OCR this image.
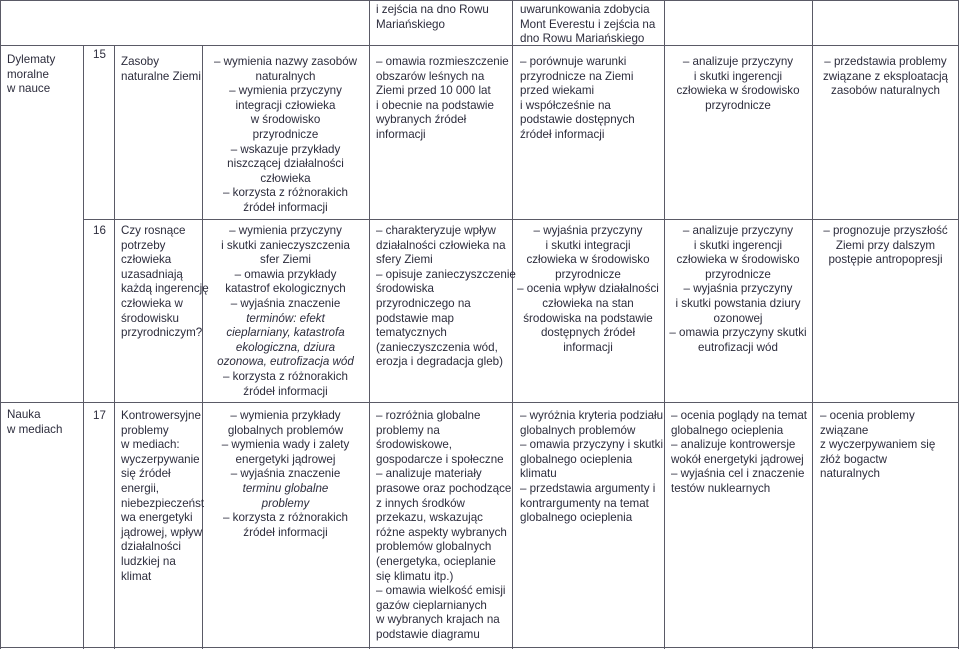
i zejścia na dno Rowu
Mariańskiego
uwarunkowania zdobycia
Mont Everestu i zejścia na
dno Rowu Mariańskiego
Dylematy
moralne
w nauce
Nauka
w mediach
15
Zasoby
naturalne Ziemi
– wymienia nazwy zasobów
naturalnych
– wymienia przyczyny
integracji człowieka
w środowisko
przyrodnicze
– wskazuje przykłady
niszczącej działalności
człowieka
– korzysta z różnorakich
źródeł informacji
– omawia rozmieszczenie
obszarów leśnych na
Ziemi przed 10 000 lat
i obecnie na podstawie
wybranych źródeł
informacji
– porównuje warunki
przyrodnicze na Ziemi
przed wiekami
i współcześnie na
podstawie dostępnych
źródeł informacji
– analizuje przyczyny
i skutki ingerencji
człowieka w środowisko
przyrodnicze
– przedstawia problemy
związane z eksploatacją
zasobów naturalnych
16 Czy rosnące
potrzeby
człowieka
uzasadniają
każdą ingerencję
człowieka w
środowisku
przyrodniczym?
– wymienia przyczyny
i skutki zanieczyszczenia
sfer Ziemi
– omawia przykłady
katastrof ekologicznych
– wyjaśnia znaczenie
terminów: efekt
cieplarniany, katastrofa
ekologiczna, dziura
ozonowa, eutrofizacja wód
– korzysta z różnorakich
źródeł informacji
– charakteryzuje wpływ
działalności człowieka na
sfery Ziemi
– opisuje zanieczyszczenie
środowiska
przyrodniczego na
podstawie map
tematycznych
(zanieczyszczenia wód,
erozja i degradacja gleb)
– wyjaśnia przyczyny
i skutki integracji
człowieka w środowisko
przyrodnicze
– ocenia wpływ działalności
człowieka na stan
środowiska na podstawie
dostępnych źródeł
informacji
– analizuje przyczyny
i skutki ingerencji
człowieka w środowisko
przyrodnicze
– wyjaśnia przyczyny
i skutki powstania dziury
ozonowej
– omawia przyczyny skutki
eutrofizacji wód
– prognozuje przyszłość
Ziemi przy dalszym
postępie antropopresji
17 Kontrowersyjne
problemy
w mediach:
wyczerpywanie
się źródeł
energii,
niebezpieczeńst
wa energetyki
jądrowej, wpływ
działalności
ludzkiej na
klimat
– wymienia przykłady
globalnych problemów
– wymienia wady i zalety
energetyki jądrowej
– wyjaśnia znaczenie
terminu globalne
problemy
– korzysta z różnorakich
źródeł informacji
– rozróżnia globalne
problemy na
środowiskowe,
gospodarcze i społeczne
– analizuje materiały
prasowe oraz pochodzące
z innych środków
przekazu, wskazując
różne aspekty wybranych
problemów globalnych
(energetyka, ocieplanie
się klimatu itp.)
– omawia wielkość emisji
gazów cieplarnianych
w wybranych krajach na
podstawie diagramu
– wyróżnia kryteria podziału
globalnych problemów
– omawia przyczyny i skutki
globalnego ocieplenia
klimatu
– przedstawia argumenty i
kontrargumenty na temat
globalnego ocieplenia
– ocenia poglądy na temat
globalnego ocieplenia
– analizuje kontrowersje
wokół energetyki jądrowej
– wyjaśnia cel i znaczenie
testów nuklearnych
– ocenia problemy
związane
z wyczerpywaniem się
złóż bogactw
naturalnych
